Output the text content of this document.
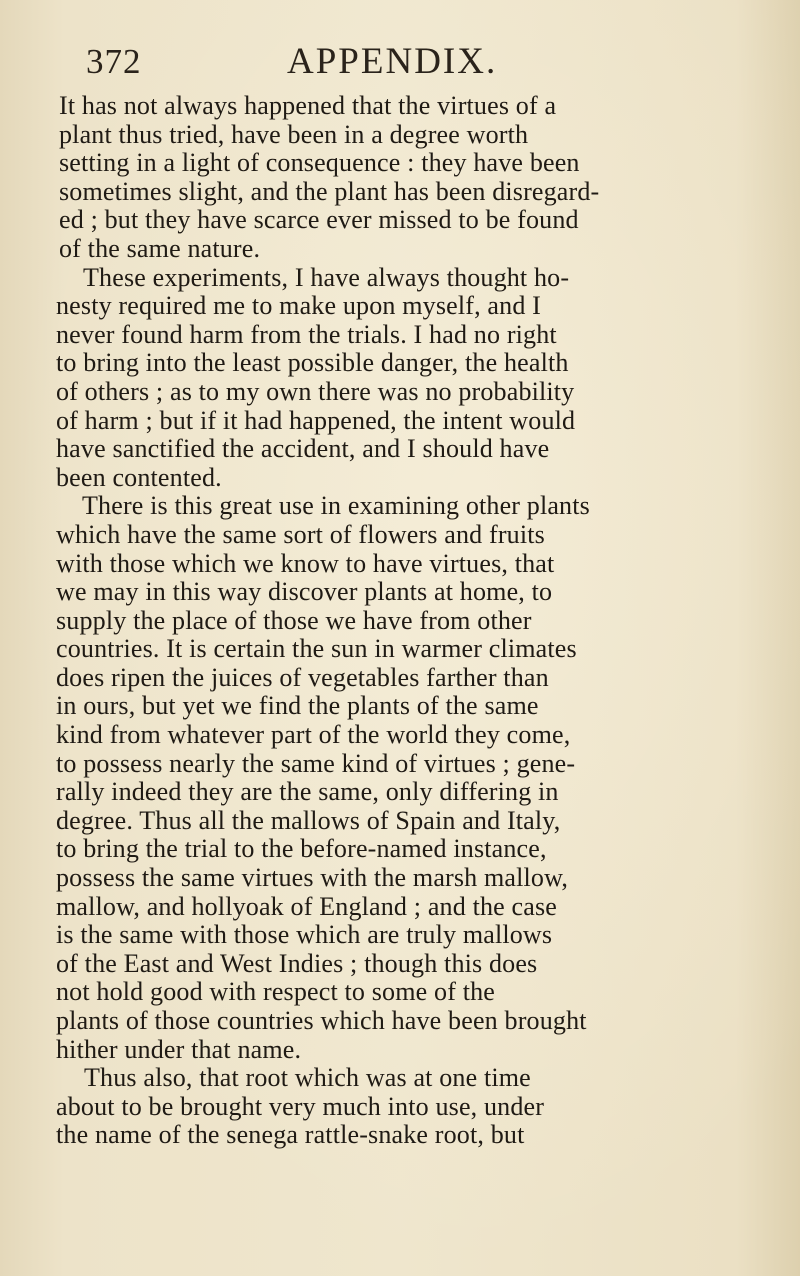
372	APPENDIX.
It has not always happened that the virtues of a
plant thus tried, have been in a degree worth
setting in a light of consequence : they have been
sometimes slight, and the plant has been disregard-
ed ; but they have scarce ever missed to be found
of the same nature.
These experiments, I have always thought ho-
nesty required me to make upon myself, and I
never found harm from the trials. I had no right
to bring into the least possible danger, the health
of others ; as to my own there was no probability
of harm ; but if it had happened, the intent would
have sanctified the accident, and I should have
been contented.
There is this great use in examining other plants
which have the same sort of flowers and fruits
with those which we know to have virtues, that
we may in this way discover plants at home, to
supply the place of those we have from other
countries. It is certain the sun in warmer climates
does ripen the juices of vegetables farther than
in ours, but yet we find the plants of the same
kind from whatever part of the world they come,
to possess nearly the same kind of virtues ; gene-
rally indeed they are the same, only differing in
degree. Thus all the mallows of Spain and Italy,
to bring the trial to the before-named instance,
possess the same virtues with the marsh mallow,
mallow, and hollyoak of England ; and the case
is the same with those which are truly mallows
of the East and West Indies ; though this does
not hold good with respect to some of the
plants of those countries which have been brought
hither under that name.
Thus also, that root which was at one time
about to be brought very much into use, under
the name of the senega rattle-snake root, but
